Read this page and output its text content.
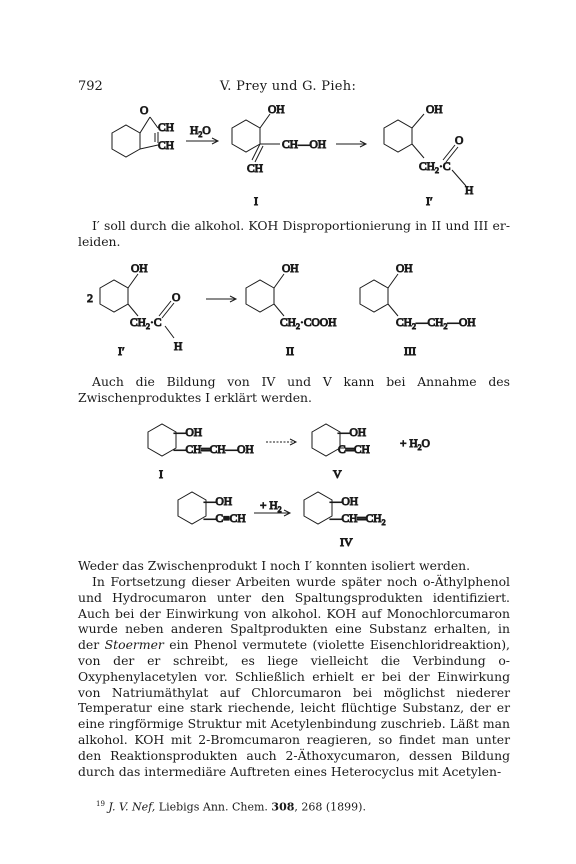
792	V. Prey und G. Pieh:
O
CH
CH
$H_2O$
OH
CH—OH
CH
OH
O
$CH_2\cdot C$
H
I	I′
2
OH
O
$CH_2\cdot C$
H
OH
$CH_2\cdot COOH$
OH
$CH_2—CH_2—OH$
I′	II	III
—OH
—CH═CH—OH
—OH
C═CH	+ $H_2O$
I	V
—OH
—C≡CH
+ $H_2$
—OH
$—CH═CH_2$
IV

I′ soll durch die alkohol. KOH Disproportionierung in II und III erleiden.

Auch die Bildung von IV und V kann bei Annahme des Zwischenproduktes I erklärt werden.

Weder das Zwischenprodukt I noch I′ konnten isoliert werden.

In Fortsetzung dieser Arbeiten wurde später noch o-Äthylphenol und Hydrocumaron unter den Spaltungsprodukten identifiziert. Auch bei der Einwirkung von alkohol. KOH auf Monochlorcumaron wurde neben anderen Spaltprodukten eine Substanz erhalten, in der Stoermer ein Phenol vermutete (violette Eisenchloridreaktion), von der er schreibt, es liege vielleicht die Verbindung o-Oxyphenylacetylen vor. Schließlich erhielt er bei der Einwirkung von Natriumäthylat auf Chlorcumaron bei möglichst niederer Temperatur eine stark riechende, leicht flüchtige Substanz, der er eine ringförmige Struktur mit Acetylenbindung zuschrieb. Läßt man alkohol. KOH mit 2-Bromcumaron reagieren, so findet man unter den Reaktionsprodukten auch 2-Äthoxycumaron, dessen Bildung durch das intermediäre Auftreten eines Heterocyclus mit Acetylen-

$^{19}$ J. V. Nef, Liebigs Ann. Chem. 308, 268 (1899).
